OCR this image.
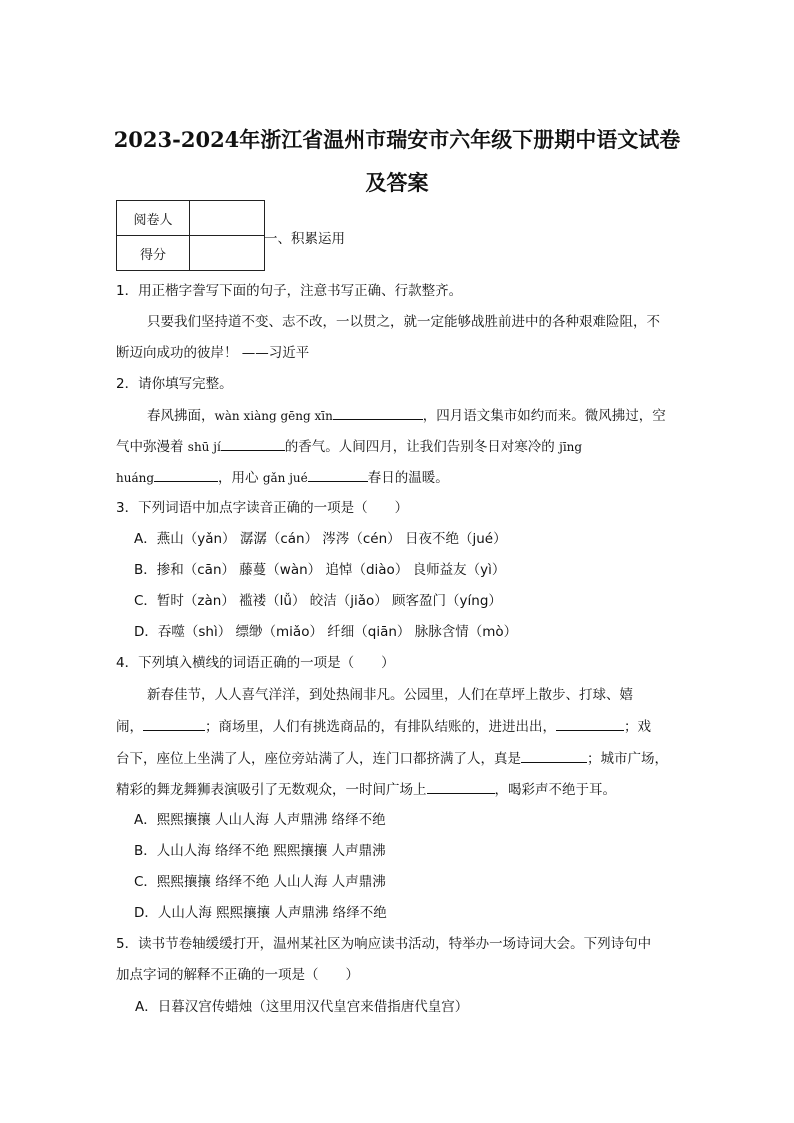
2023-2024年浙江省温州市瑞安市六年级下册期中语文试卷
及答案
阅卷人	
得分	
一、积累运用
1．用正楷字誊写下面的句子，注意书写正确、行款整齐。
只要我们坚持道不变、志不改，一以贯之，就一定能够战胜前进中的各种艰难险阻，不
断迈向成功的彼岸！ ——习近平
2．请你填写完整。
春风拂面，wàn xiàng gēng xīn	，四月语文集市如约而来。微风拂过，空
气中弥漫着 shū jí	的香气。人间四月，让我们告别冬日对寒冷的 jīng
huáng	，用心 gǎn jué	春日的温暖。
3．下列词语中加点字读音正确的一项是（　　）
A．燕山（yǎn） 潺潺（cán） 涔涔（cén） 日夜不绝（jué）
B．掺和（cān） 藤蔓（wàn） 追悼（diào） 良师益友（yì）
C．暂时（zàn） 褴褛（lǚ） 皎洁（jiǎo） 顾客盈门（yíng）
D．吞噬（shì） 缥缈（miǎo） 纤细（qiān） 脉脉含情（mò）
4．下列填入横线的词语正确的一项是（　　）
新春佳节，人人喜气洋洋，到处热闹非凡。公园里，人们在草坪上散步、打球、嬉
闹，	；商场里，人们有挑选商品的，有排队结账的，进进出出，	；戏
台下，座位上坐满了人，座位旁站满了人，连门口都挤满了人，真是	；城市广场，
精彩的舞龙舞狮表演吸引了无数观众，一时间广场上	，喝彩声不绝于耳。
A．熙熙攘攘 人山人海 人声鼎沸 络绎不绝
B．人山人海 络绎不绝 熙熙攘攘 人声鼎沸
C．熙熙攘攘 络绎不绝 人山人海 人声鼎沸
D．人山人海 熙熙攘攘 人声鼎沸 络绎不绝
5．读书节卷轴缓缓打开，温州某社区为响应读书活动，特举办一场诗词大会。下列诗句中
加点字词的解释不正确的一项是（　　）
A．日暮汉宫传蜡烛（这里用汉代皇宫来借指唐代皇宫）
